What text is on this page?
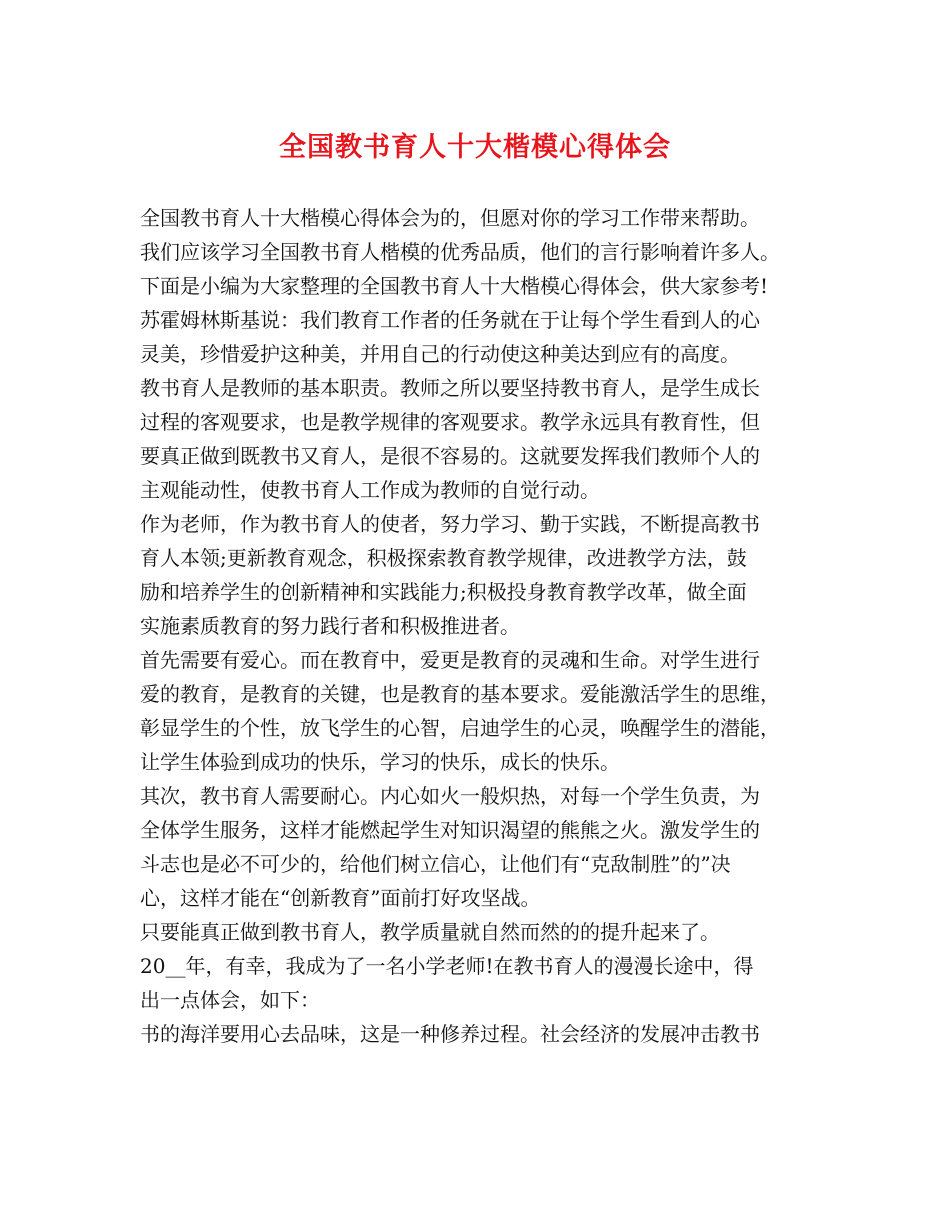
全国教书育人十大楷模心得体会
全国教书育人十大楷模心得体会为的，但愿对你的学习工作带来帮助。
我们应该学习全国教书育人楷模的优秀品质，他们的言行影响着许多人。
下面是小编为大家整理的全国教书育人十大楷模心得体会，供大家参考!
苏霍姆林斯基说：我们教育工作者的任务就在于让每个学生看到人的心
灵美，珍惜爱护这种美，并用自己的行动使这种美达到应有的高度。
教书育人是教师的基本职责。教师之所以要坚持教书育人，是学生成长
过程的客观要求，也是教学规律的客观要求。教学永远具有教育性，但
要真正做到既教书又育人，是很不容易的。这就要发挥我们教师个人的
主观能动性，使教书育人工作成为教师的自觉行动。
作为老师，作为教书育人的使者，努力学习、勤于实践，不断提高教书
育人本领;更新教育观念，积极探索教育教学规律，改进教学方法，鼓
励和培养学生的创新精神和实践能力;积极投身教育教学改革，做全面
实施素质教育的努力践行者和积极推进者。
首先需要有爱心。而在教育中，爱更是教育的灵魂和生命。对学生进行
爱的教育，是教育的关键，也是教育的基本要求。爱能激活学生的思维，
彰显学生的个性，放飞学生的心智，启迪学生的心灵，唤醒学生的潜能，
让学生体验到成功的快乐，学习的快乐，成长的快乐。
其次，教书育人需要耐心。内心如火一般炽热，对每一个学生负责，为
全体学生服务，这样才能燃起学生对知识渴望的熊熊之火。激发学生的
斗志也是必不可少的，给他们树立信心，让他们有“克敌制胜”的”决
心，这样才能在“创新教育”面前打好攻坚战。
只要能真正做到教书育人，教学质量就自然而然的的提升起来了。
20__年，有幸，我成为了一名小学老师!在教书育人的漫漫长途中，得
出一点体会，如下：
书的海洋要用心去品味，这是一种修养过程。社会经济的发展冲击教书
